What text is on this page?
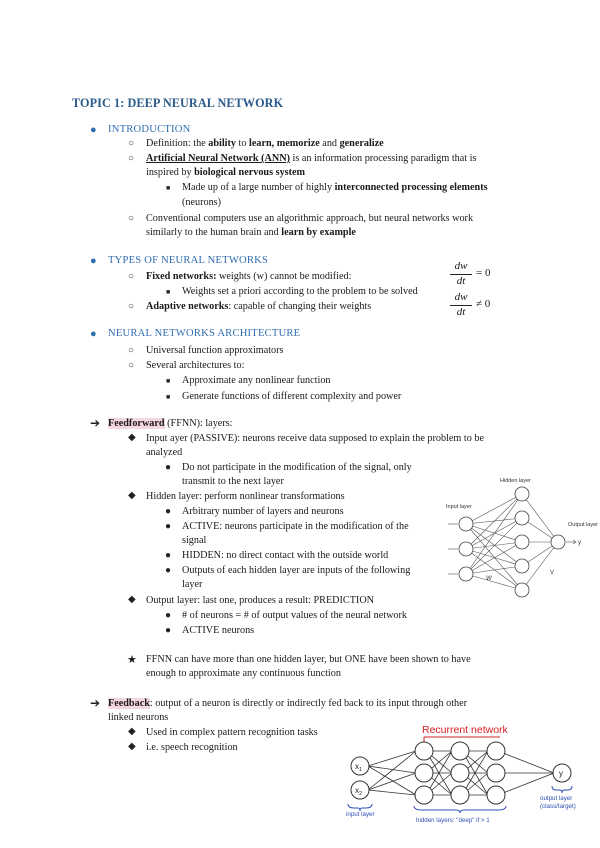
TOPIC 1: DEEP NEURAL NETWORK
● INTRODUCTION
○ Definition: the ability to learn, memorize and generalize
○ Artificial Neural Network (ANN) is an information processing paradigm that is
inspired by biological nervous system
■ Made up of a large number of highly interconnected processing elements
(neurons)
○ Conventional computers use an algorithmic approach, but neural networks work
similarly to the human brain and learn by example
● TYPES OF NEURAL NETWORKS
○ Fixed networks: weights (w) cannot be modified:
■ Weights set a priori according to the problem to be solved
○ Adaptive networks: capable of changing their weights
dw
dt
= 0
dw
dt
≠ 0
● NEURAL NETWORKS ARCHITECTURE
○ Universal function approximators
○ Several architectures to:
■ Approximate any nonlinear function
■ Generate functions of different complexity and power
➔ Feedforward (FFNN): layers:
◆ Input ayer (PASSIVE): neurons receive data supposed to explain the problem to be
analyzed
● Do not participate in the modification of the signal, only
transmit to the next layer
◆ Hidden layer: perform nonlinear transformations
● Arbitrary number of layers and neurons
● ACTIVE: neurons participate in the modification of the
signal
● HIDDEN: no direct contact with the outside world
● Outputs of each hidden layer are inputs of the following
layer
◆ Output layer: last one, produces a result: PREDICTION
● # of neurons = # of output values of the neural network
● ACTIVE neurons
★ FFNN can have more than one hidden layer, but ONE have been shown to have
enough to approximate any continuous function
➔ Feedback: output of a neuron is directly or indirectly fed back to its input through other
linked neurons
◆ Used in complex pattern recognition tasks
◆ i.e. speech recognition
Hidden layer
Input layer
Output layer
y
W
V
Recurrent network
$x_1$
$x_2$
y
input layer
hidden layers: "deep" if > 1
output layer
(class/target)
